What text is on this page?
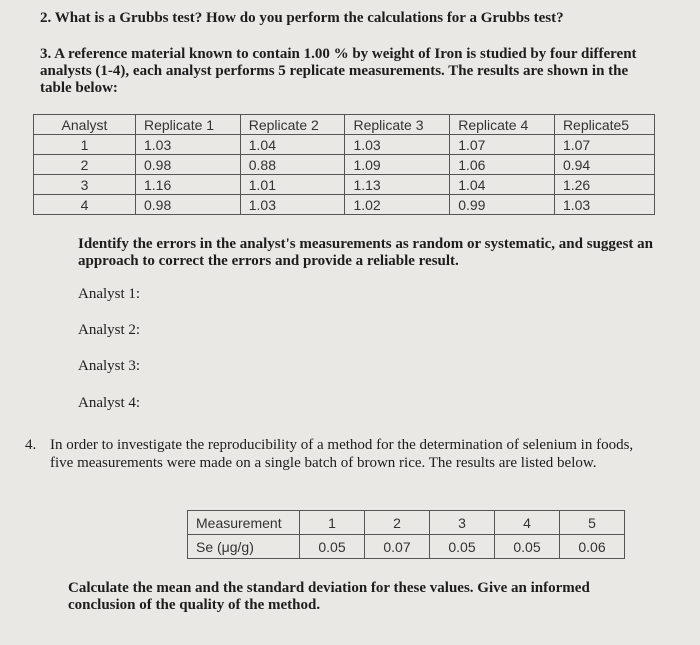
2. What is a Grubbs test? How do you perform the calculations for a Grubbs test?
3. A reference material known to contain 1.00 % by weight of Iron is studied by four different analysts (1-4), each analyst performs 5 replicate measurements. The results are shown in the table below:
Analyst	Replicate 1	Replicate 2	Replicate 3	Replicate 4	Replicate5
1	1.03	1.04	1.03	1.07	1.07
2	0.98	0.88	1.09	1.06	0.94
3	1.16	1.01	1.13	1.04	1.26
4	0.98	1.03	1.02	0.99	1.03
Identify the errors in the analyst's measurements as random or systematic, and suggest an approach to correct the errors and provide a reliable result.
Analyst 1:
Analyst 2:
Analyst 3:
Analyst 4:
4. In order to investigate the reproducibility of a method for the determination of selenium in foods, five measurements were made on a single batch of brown rice. The results are listed below.
Measurement	1	2	3	4	5
Se (μg/g)	0.05	0.07	0.05	0.05	0.06
Calculate the mean and the standard deviation for these values. Give an informed conclusion of the quality of the method.
